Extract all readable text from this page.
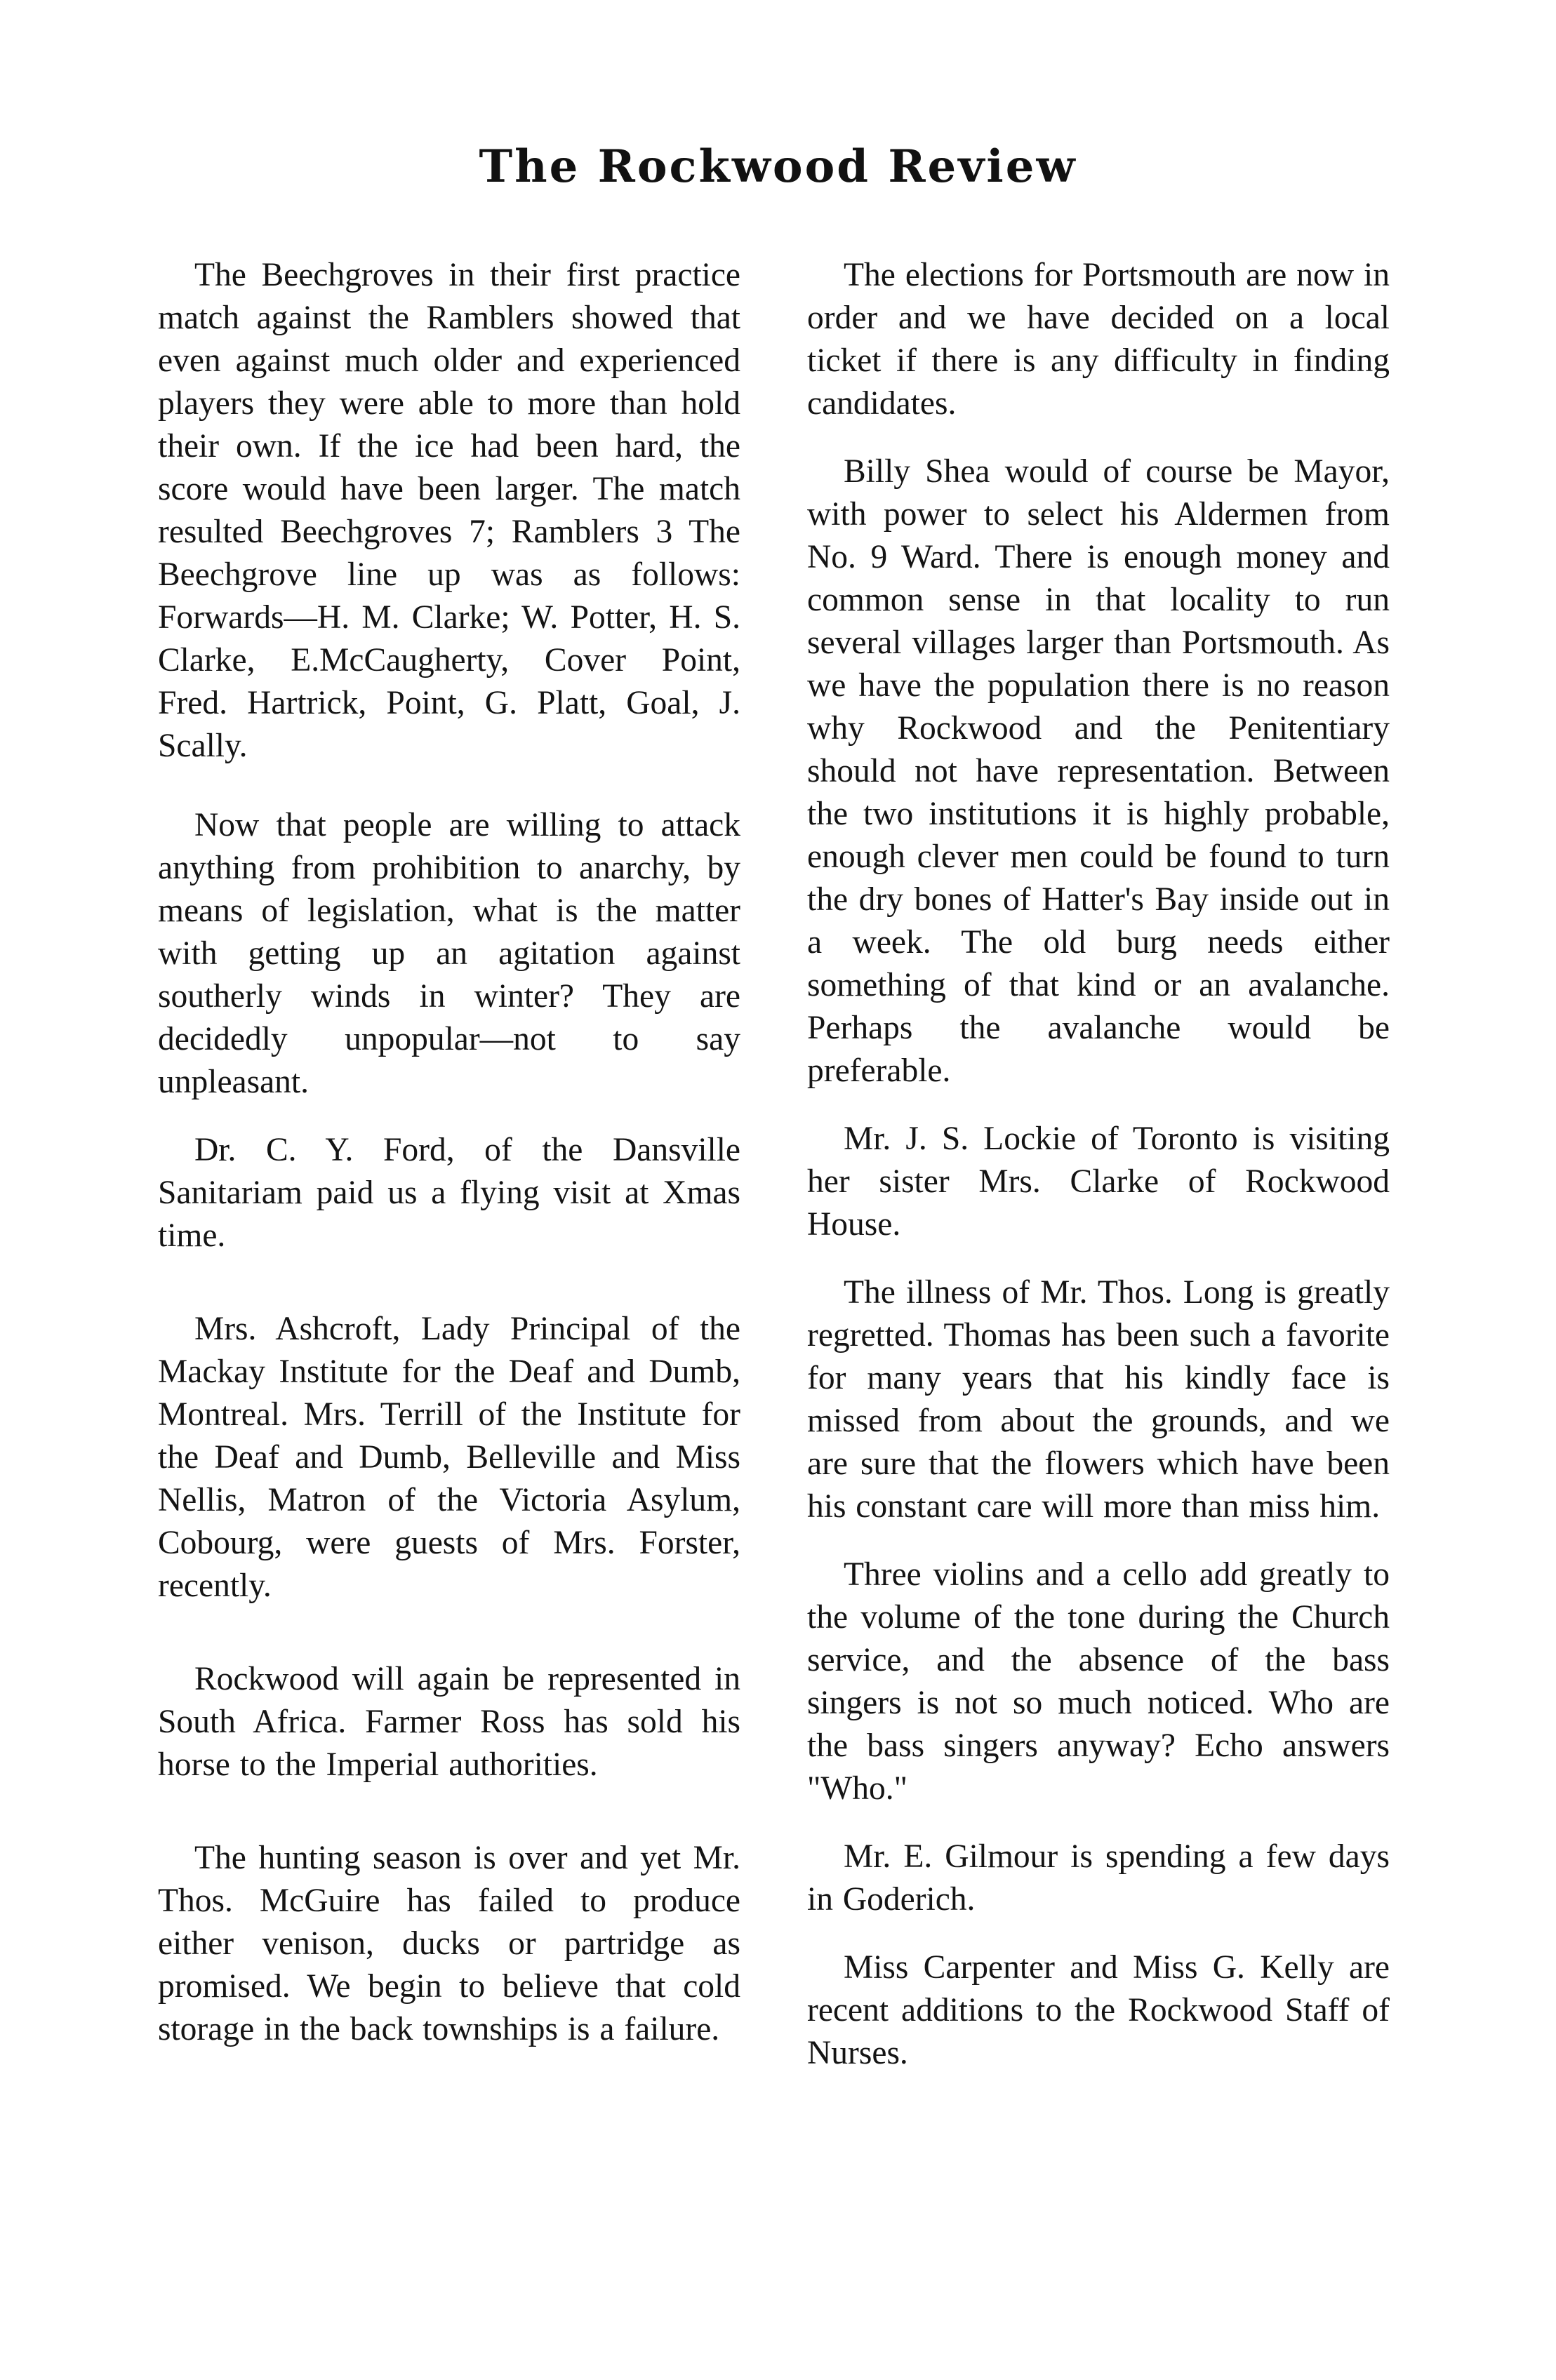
The Rockwood Review

The Beechgroves in their first practice match against the Ramblers showed that even against much older and experienced players they were able to more than hold their own. If the ice had been hard, the score would have been larger. The match resulted Beechgroves 7; Ramblers 3 The Beechgrove line up was as follows: Forwards—H. M. Clarke; W. Potter, H. S. Clarke, E.McCaugherty, Cover Point, Fred. Hartrick, Point, G. Platt, Goal, J. Scally.

Now that people are willing to attack anything from prohibition to anarchy, by means of legislation, what is the matter with getting up an agitation against southerly winds in winter? They are decidedly unpopular—not to say unpleasant.

Dr. C. Y. Ford, of the Dansville Sanitariam paid us a flying visit at Xmas time.

Mrs. Ashcroft, Lady Principal of the Mackay Institute for the Deaf and Dumb, Montreal. Mrs. Terrill of the Institute for the Deaf and Dumb, Belleville and Miss Nellis, Matron of the Victoria Asylum, Cobourg, were guests of Mrs. Forster, recently.

Rockwood will again be represented in South Africa. Farmer Ross has sold his horse to the Imperial authorities.

The hunting season is over and yet Mr. Thos. McGuire has failed to produce either venison, ducks or partridge as promised. We begin to believe that cold storage in the back townships is a failure.

The elections for Portsmouth are now in order and we have decided on a local ticket if there is any difficulty in finding candidates.

Billy Shea would of course be Mayor, with power to select his Aldermen from No. 9 Ward. There is enough money and common sense in that locality to run several villages larger than Portsmouth. As we have the population there is no reason why Rockwood and the Penitentiary should not have representation. Between the two institutions it is highly probable, enough clever men could be found to turn the dry bones of Hatter's Bay inside out in a week. The old burg needs either something of that kind or an avalanche. Perhaps the avalanche would be preferable.

Mr. J. S. Lockie of Toronto is visiting her sister Mrs. Clarke of Rockwood House.

The illness of Mr. Thos. Long is greatly regretted. Thomas has been such a favorite for many years that his kindly face is missed from about the grounds, and we are sure that the flowers which have been his constant care will more than miss him.

Three violins and a cello add greatly to the volume of the tone during the Church service, and the absence of the bass singers is not so much noticed. Who are the bass singers anyway? Echo answers "Who."

Mr. E. Gilmour is spending a few days in Goderich.

Miss Carpenter and Miss G. Kelly are recent additions to the Rockwood Staff of Nurses.
